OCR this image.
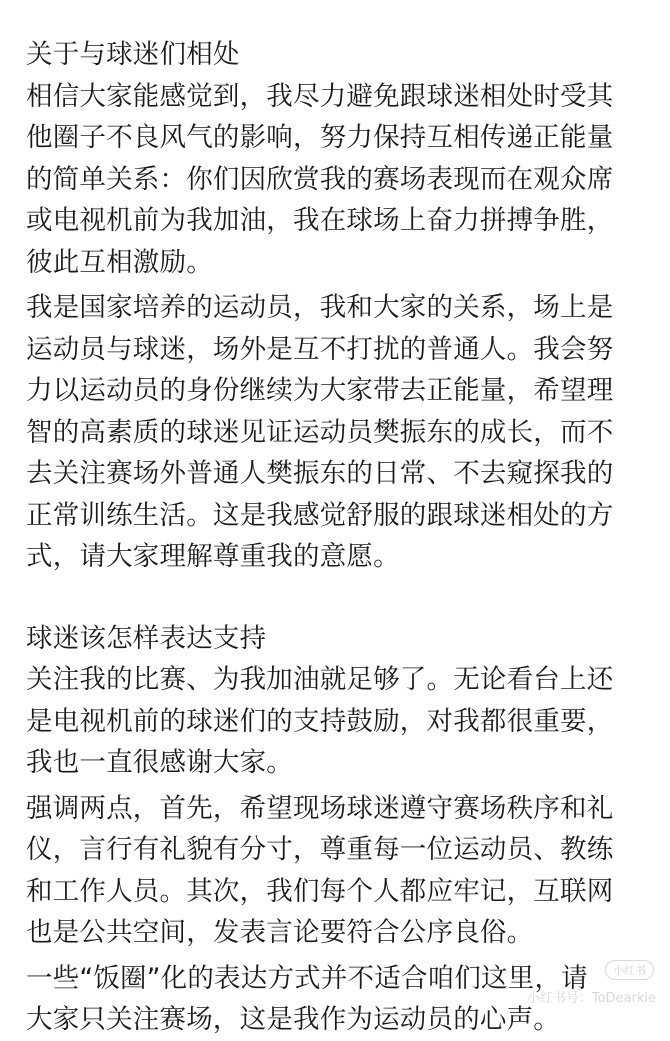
关于与球迷们相处
相信大家能感觉到，我尽力避免跟球迷相处时受其
他圈子不良风气的影响，努力保持互相传递正能量
的简单关系：你们因欣赏我的赛场表现而在观众席
或电视机前为我加油，我在球场上奋力拼搏争胜，
彼此互相激励。
我是国家培养的运动员，我和大家的关系，场上是
运动员与球迷，场外是互不打扰的普通人。我会努
力以运动员的身份继续为大家带去正能量，希望理
智的高素质的球迷见证运动员樊振东的成长，而不
去关注赛场外普通人樊振东的日常、不去窥探我的
正常训练生活。这是我感觉舒服的跟球迷相处的方
式，请大家理解尊重我的意愿。
球迷该怎样表达支持
关注我的比赛、为我加油就足够了。无论看台上还
是电视机前的球迷们的支持鼓励，对我都很重要，
我也一直很感谢大家。
强调两点，首先，希望现场球迷遵守赛场秩序和礼
仪，言行有礼貌有分寸，尊重每一位运动员、教练
和工作人员。其次，我们每个人都应牢记，互联网
也是公共空间，发表言论要符合公序良俗。
一些“饭圈”化的表达方式并不适合咱们这里，请
大家只关注赛场，这是我作为运动员的心声。
小红书
小红书号：ToDearkie
